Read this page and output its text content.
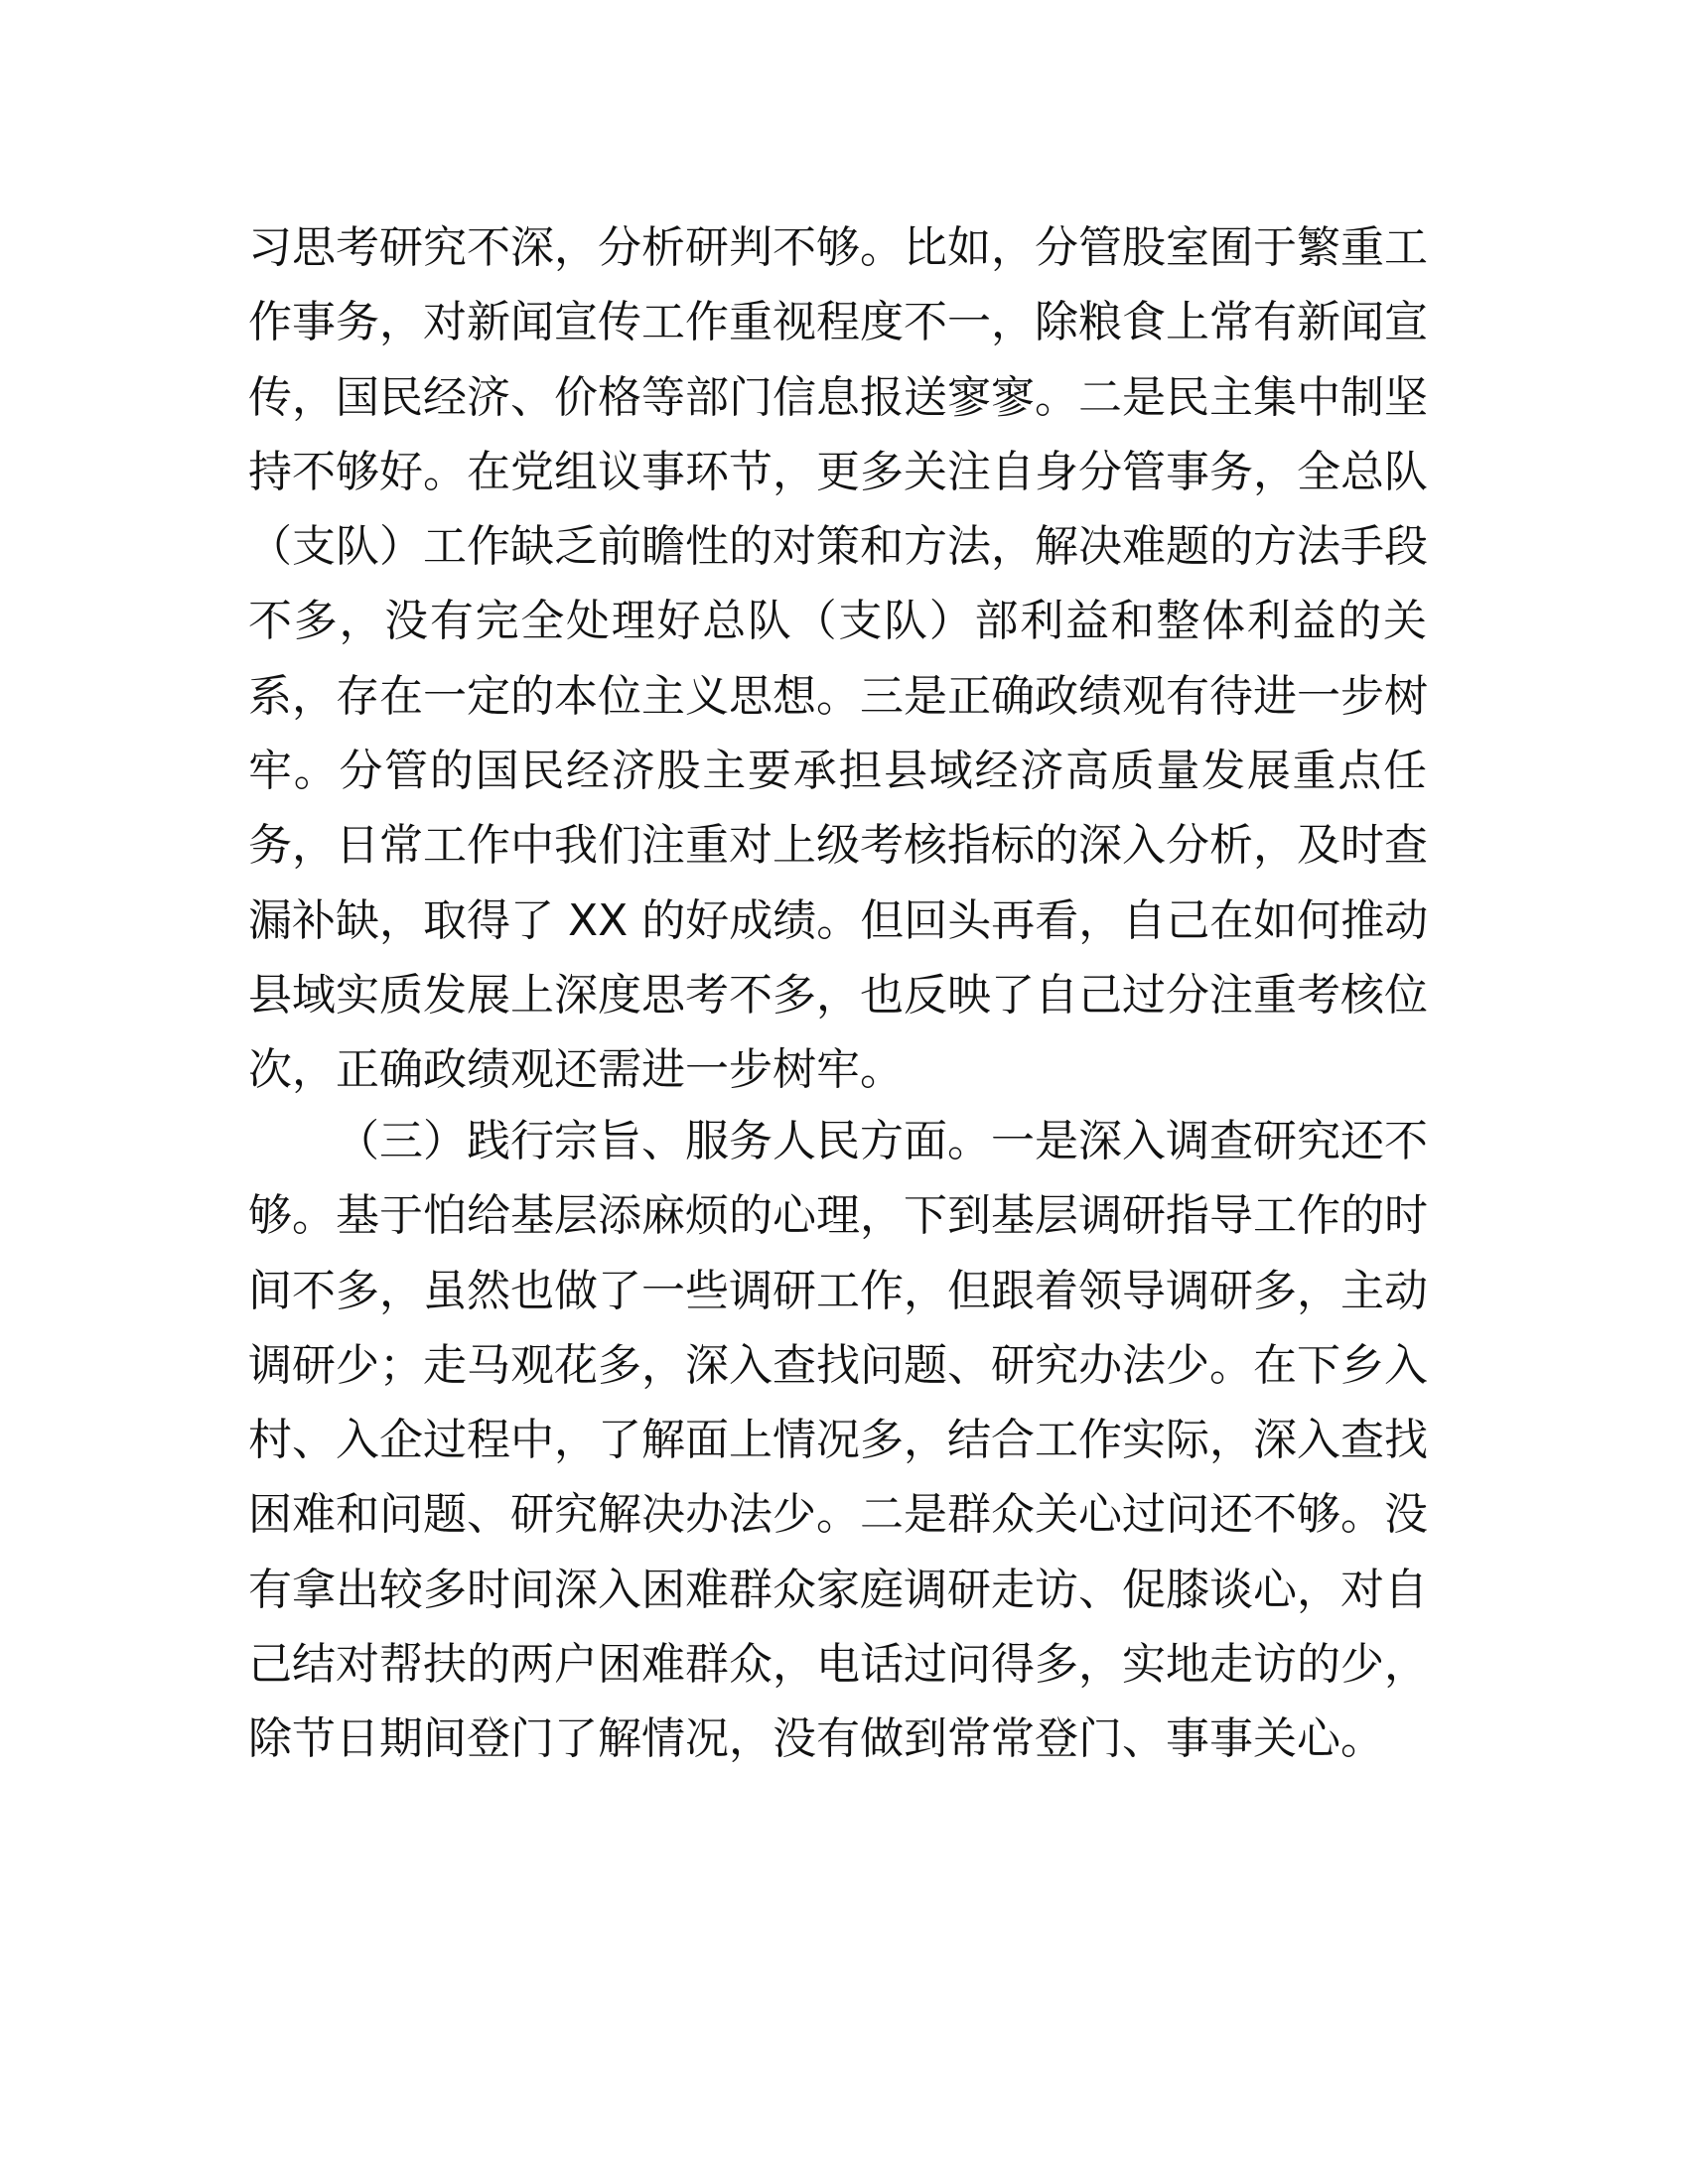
习思考研究不深，分析研判不够。比如，分管股室囿于繁重工
作事务，对新闻宣传工作重视程度不一，除粮食上常有新闻宣
传，国民经济、价格等部门信息报送寥寥。二是民主集中制坚
持不够好。在党组议事环节，更多关注自身分管事务，全总队
（支队）工作缺乏前瞻性的对策和方法，解决难题的方法手段
不多，没有完全处理好总队（支队）部利益和整体利益的关
系，存在一定的本位主义思想。三是正确政绩观有待进一步树
牢。分管的国民经济股主要承担县域经济高质量发展重点任
务，日常工作中我们注重对上级考核指标的深入分析，及时查
漏补缺，取得了 XX 的好成绩。但回头再看，自己在如何推动
县域实质发展上深度思考不多，也反映了自己过分注重考核位
次，正确政绩观还需进一步树牢。
（三）践行宗旨、服务人民方面。一是深入调查研究还不
够。基于怕给基层添麻烦的心理，下到基层调研指导工作的时
间不多，虽然也做了一些调研工作，但跟着领导调研多，主动
调研少；走马观花多，深入查找问题、研究办法少。在下乡入
村、入企过程中，了解面上情况多，结合工作实际，深入查找
困难和问题、研究解决办法少。二是群众关心过问还不够。没
有拿出较多时间深入困难群众家庭调研走访、促膝谈心，对自
己结对帮扶的两户困难群众，电话过问得多，实地走访的少，
除节日期间登门了解情况，没有做到常常登门、事事关心。
